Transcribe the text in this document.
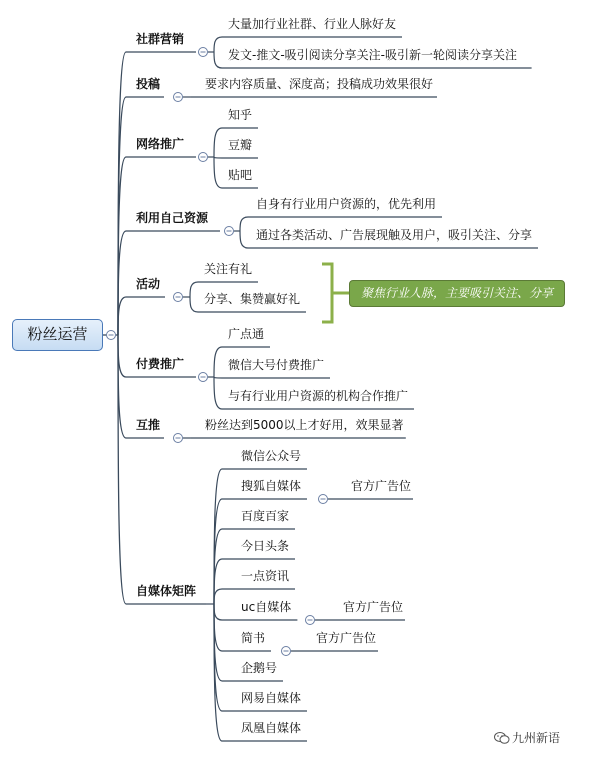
粉丝运营
社群营销
大量加行业社群、行业人脉好友
发文-推文-吸引阅读分享关注-吸引新一轮阅读分享关注
投稿	要求内容质量、深度高；投稿成功效果很好
网络推广
知乎
豆瓣
贴吧
利用自己资源
自身有行业用户资源的，优先利用
通过各类活动、广告展现触及用户，吸引关注、分享
活动
关注有礼
分享、集赞赢好礼
付费推广
广点通
微信大号付费推广
与有行业用户资源的机构合作推广
互推	粉丝达到5000以上才好用，效果显著
自媒体矩阵
微信公众号
搜狐自媒体	官方广告位
百度百家
今日头条
一点资讯
uc自媒体	官方广告位
简书	官方广告位
企鹅号
网易自媒体
凤凰自媒体
聚焦行业人脉，主要吸引关注、分享
九州新语
